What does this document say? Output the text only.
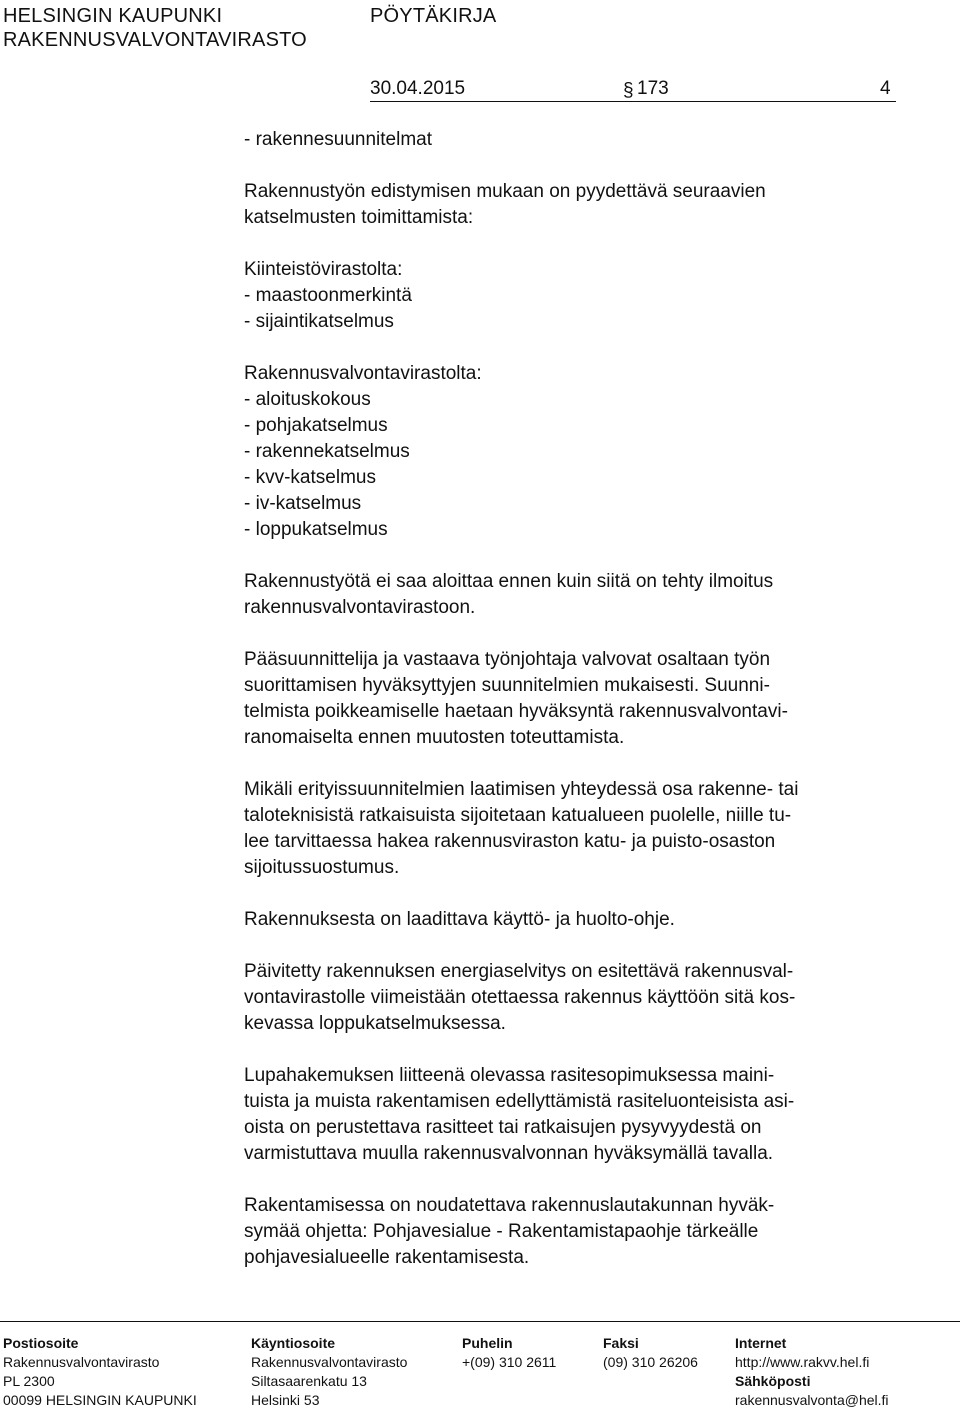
HELSINGIN KAUPUNKI
RAKENNUSVALVONTAVIRASTO
PÖYTÄKIRJA
30.04.2015	§ 173	4

- rakennesuunnitelmat

Rakennustyön edistymisen mukaan on pyydettävä seuraavien
katselmusten toimittamista:

Kiinteistövirastolta:
- maastoonmerkintä
- sijaintikatselmus

Rakennusvalvontavirastolta:
- aloituskokous
- pohjakatselmus
- rakennekatselmus
- kvv-katselmus
- iv-katselmus
- loppukatselmus

Rakennustyötä ei saa aloittaa ennen kuin siitä on tehty ilmoitus
rakennusvalvontavirastoon.

Pääsuunnittelija ja vastaava työnjohtaja valvovat osaltaan työn
suorittamisen hyväksyttyjen suunnitelmien mukaisesti. Suunni-
telmista poikkeamiselle haetaan hyväksyntä rakennusvalvontavi-
ranomaiselta ennen muutosten toteuttamista.

Mikäli erityissuunnitelmien laatimisen yhteydessä osa rakenne- tai
taloteknisistä ratkaisuista sijoitetaan katualueen puolelle, niille tu-
lee tarvittaessa hakea rakennusviraston katu- ja puisto-osaston
sijoitussuostumus.

Rakennuksesta on laadittava käyttö- ja huolto-ohje.

Päivitetty rakennuksen energiaselvitys on esitettävä rakennusval-
vontavirastolle viimeistään otettaessa rakennus käyttöön sitä kos-
kevassa loppukatselmuksessa.

Lupahakemuksen liitteenä olevassa rasitesopimuksessa maini-
tuista ja muista rakentamisen edellyttämistä rasiteluonteisista asi-
oista on perustettava rasitteet tai ratkaisujen pysyvyydestä on
varmistuttava muulla rakennusvalvonnan hyväksymällä tavalla.

Rakentamisessa on noudatettava rakennuslautakunnan hyväk-
symää ohjetta: Pohjavesialue - Rakentamistapaohje tärkeälle
pohjavesialueelle rakentamisesta.

Postiosoite
Rakennusvalvontavirasto
PL 2300
00099 HELSINGIN KAUPUNKI
Käyntiosoite
Rakennusvalvontavirasto
Siltasaarenkatu 13
Helsinki 53
Puhelin
+(09) 310 2611
Faksi
(09) 310 26206
Internet
http://www.rakvv.hel.fi
Sähköposti
rakennusvalvonta@hel.fi
